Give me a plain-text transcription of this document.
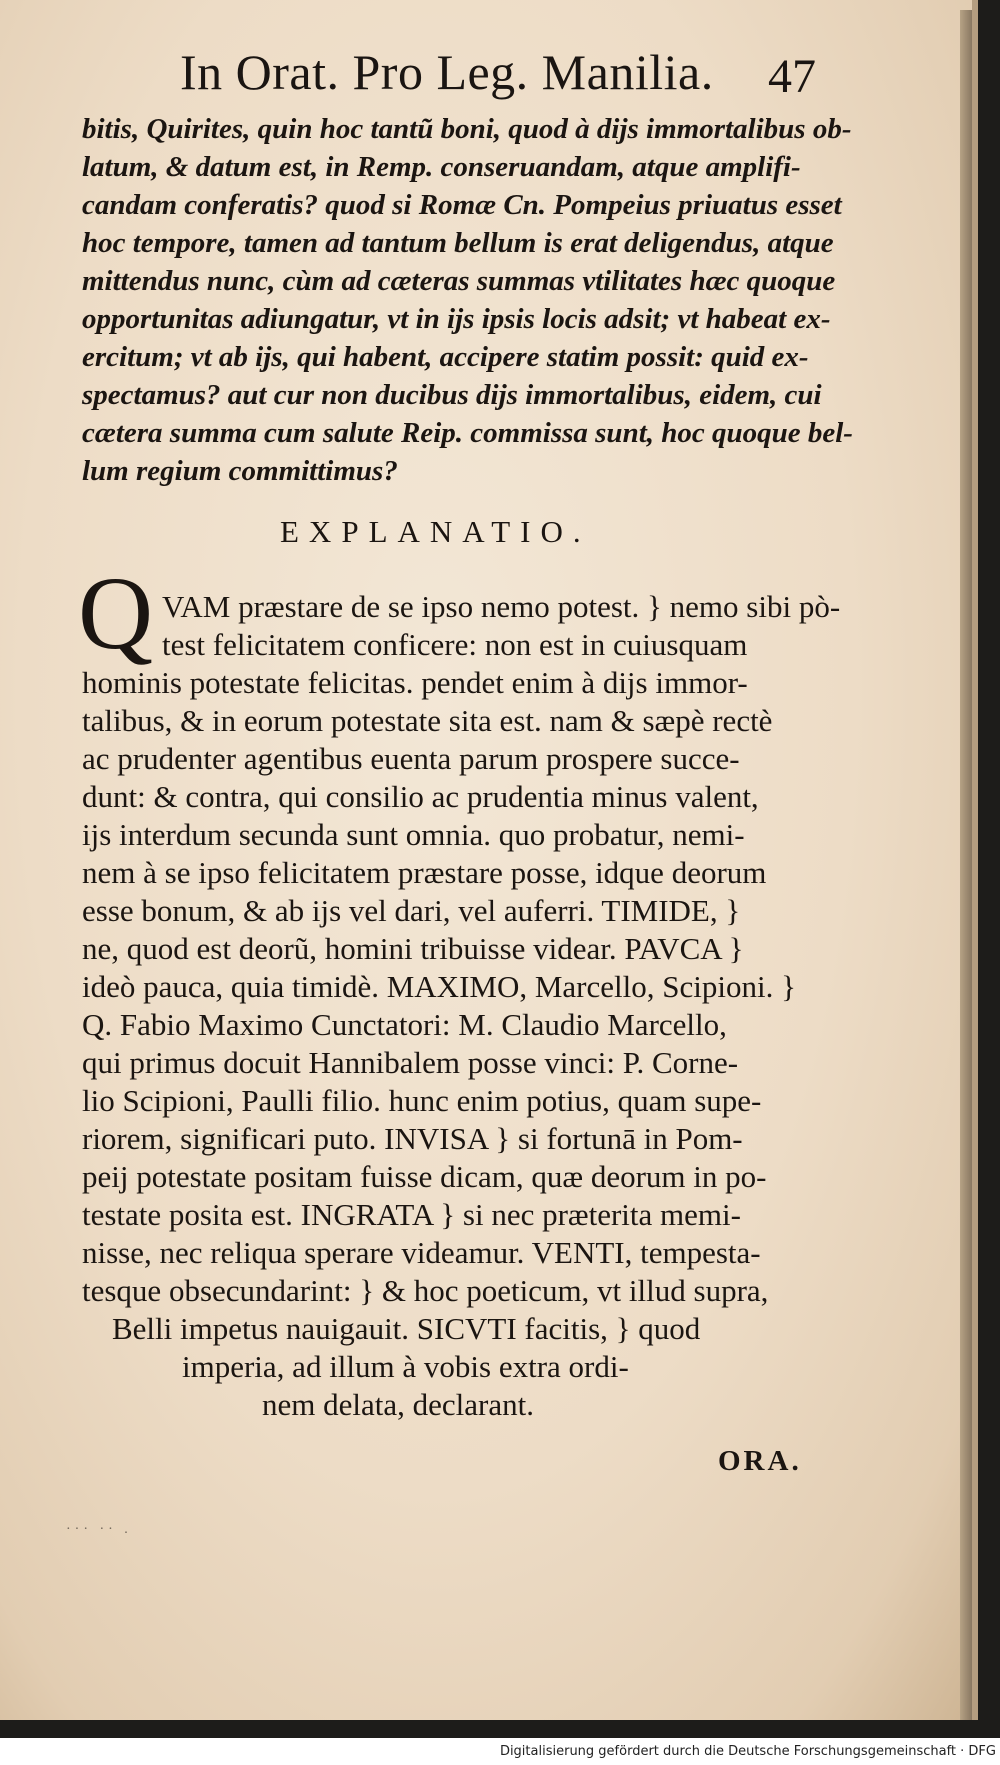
In Orat. Pro Leg. Manilia. 47
bitis, Quirites, quin hoc tantũ boni, quod à dijs immortalibus ob-
latum, & datum est, in Remp. conseruandam, atque amplifi-
candam conferatis? quod si Romæ Cn. Pompeius priuatus esset
hoc tempore, tamen ad tantum bellum is erat deligendus, atque
mittendus nunc, cùm ad cæteras summas vtilitates hæc quoque
opportunitas adiungatur, vt in ijs ipsis locis adsit; vt habeat ex-
ercitum; vt ab ijs, qui habent, accipere statim possit: quid ex-
spectamus? aut cur non ducibus dijs immortalibus, eidem, cui
cætera summa cum salute Reip. commissa sunt, hoc quoque bel-
lum regium committimus?
EXPLANATIO.
Q VAM præstare de se ipso nemo potest. } nemo sibi pò-
test felicitatem conficere: non est in cuiusquam
hominis potestate felicitas. pendet enim à dijs immor-
talibus, & in eorum potestate sita est. nam & sæpè rectè
ac prudenter agentibus euenta parum prospere succe-
dunt: & contra, qui consilio ac prudentia minus valent,
ijs interdum secunda sunt omnia. quo probatur, nemi-
nem à se ipso felicitatem præstare posse, idque deorum
esse bonum, & ab ijs vel dari, vel auferri. TIMIDE, }
ne, quod est deorũ, homini tribuisse videar. PAVCA }
ideò pauca, quia timidè. MAXIMO, Marcello, Scipioni. }
Q. Fabio Maximo Cunctatori: M. Claudio Marcello,
qui primus docuit Hannibalem posse vinci: P. Corne-
lio Scipioni, Paulli filio. hunc enim potius, quam supe-
riorem, significari puto. INVISA } si fortunā in Pom-
peij potestate positam fuisse dicam, quæ deorum in po-
testate posita est. INGRATA } si nec præterita memi-
nisse, nec reliqua sperare videamur. VENTI, tempesta-
tesque obsecundarint: } & hoc poeticum, vt illud supra,
Belli impetus nauigauit. SICVTI facitis, } quod
imperia, ad illum à vobis extra ordi-
nem delata, declarant.
ORA.
··· ·· .
Digitalisierung gefördert durch die Deutsche Forschungsgemeinschaft · DFG
